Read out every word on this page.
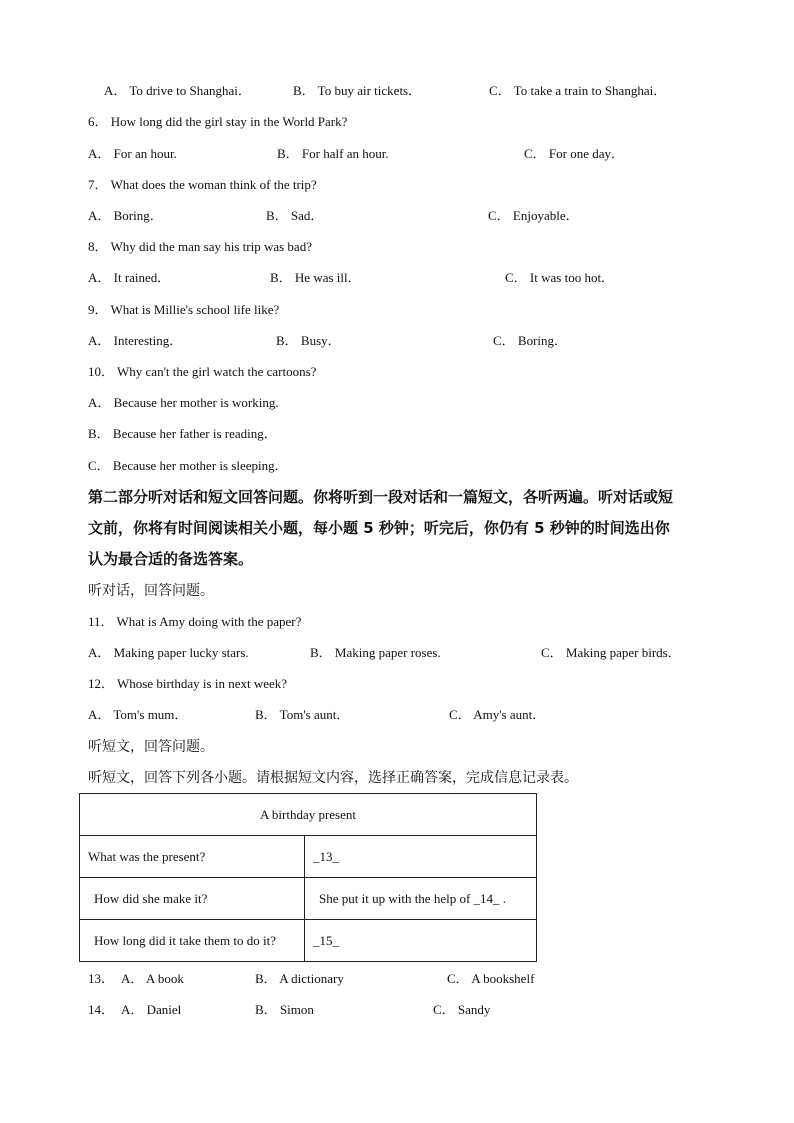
A． To drive to Shanghai．	B． To buy air tickets．	C． To take a train to Shanghai．
6． How long did the girl stay in the World Park?
A． For an hour.	B． For half an hour.	C． For one day．
7． What does the woman think of the trip?
A． Boring．	B． Sad．	C． Enjoyable．
8． Why did the man say his trip was bad?
A． It rained．	B． He was ill．	C． It was too hot．
9． What is Millie's school life like?
A． Interesting．	B． Busy．	C． Boring．
10． Why can't the girl watch the cartoons?
A． Because her mother is working.
B． Because her father is reading．
C． Because her mother is sleeping．
第二部分听对话和短文回答问题。你将听到一段对话和一篇短文，各听两遍。听对话或短
文前，你将有时间阅读相关小题，每小题 5 秒钟；听完后，你仍有 5 秒钟的时间选出你
认为最合适的备选答案。
听对话，回答问题。
11． What is Amy doing with the paper?
A． Making paper lucky stars.	B． Making paper roses.	C． Making paper birds．
12． Whose birthday is in next week?
A． Tom's mum．	B． Tom's aunt．	C． Amy's aunt．
听短文，回答问题。
听短文，回答下列各小题。请根据短文内容，选择正确答案，完成信息记录表。
A birthday present	
What was the present?	_13_
How did she make it?	She put it up with the help of _14_ .
How long did it take them to do it?	_15_
13． A． A book	B． A dictionary	C． A bookshelf
14． A． Daniel	B． Simon	C． Sandy
